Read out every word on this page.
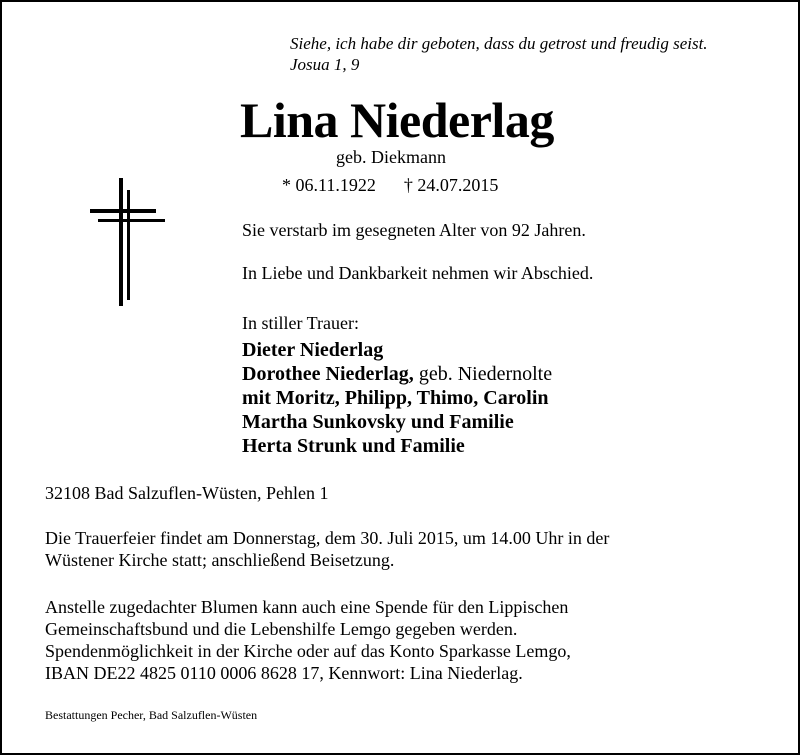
Siehe, ich habe dir geboten, dass du getrost und freudig seist.
Josua 1, 9
Lina Niederlag
geb. Diekmann
* 06.11.1922 † 24.07.2015
Sie verstarb im gesegneten Alter von 92 Jahren.
In Liebe und Dankbarkeit nehmen wir Abschied.
In stiller Trauer:
Dieter Niederlag
Dorothee Niederlag, geb. Niedernolte
mit Moritz, Philipp, Thimo, Carolin
Martha Sunkovsky und Familie
Herta Strunk und Familie
32108 Bad Salzuflen-Wüsten, Pehlen 1
Die Trauerfeier findet am Donnerstag, dem 30. Juli 2015, um 14.00 Uhr in der
Wüstener Kirche statt; anschließend Beisetzung.
Anstelle zugedachter Blumen kann auch eine Spende für den Lippischen
Gemeinschaftsbund und die Lebenshilfe Lemgo gegeben werden.
Spendenmöglichkeit in der Kirche oder auf das Konto Sparkasse Lemgo,
IBAN DE22 4825 0110 0006 8628 17, Kennwort: Lina Niederlag.
Bestattungen Pecher, Bad Salzuflen-Wüsten
